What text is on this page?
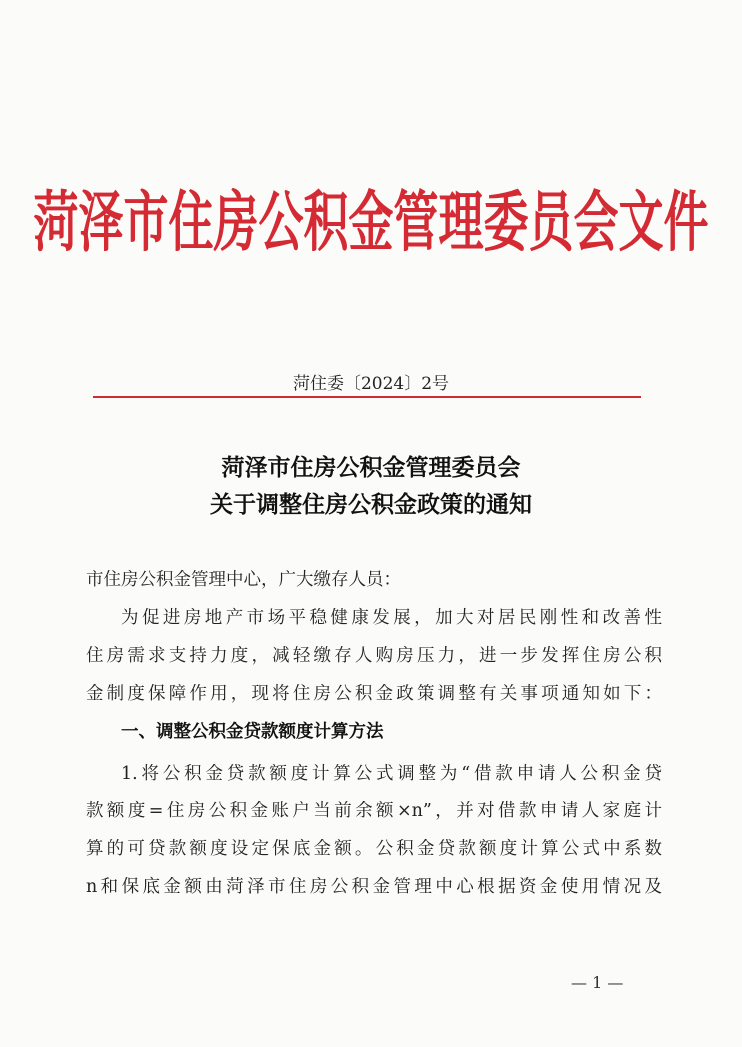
菏泽市住房公积金管理委员会文件
菏住委〔2024〕2号
菏泽市住房公积金管理委员会
关于调整住房公积金政策的通知
市住房公积金管理中心，广大缴存人员：
为促进房地产市场平稳健康发展，加大对居民刚性和改善性
住房需求支持力度，减轻缴存人购房压力，进一步发挥住房公积
金制度保障作用，现将住房公积金政策调整有关事项通知如下：
一、调整公积金贷款额度计算方法
1.将公积金贷款额度计算公式调整为“借款申请人公积金贷
款额度=住房公积金账户当前余额×n”，并对借款申请人家庭计
算的可贷款额度设定保底金额。公积金贷款额度计算公式中系数
n和保底金额由菏泽市住房公积金管理中心根据资金使用情况及
— 1 —
